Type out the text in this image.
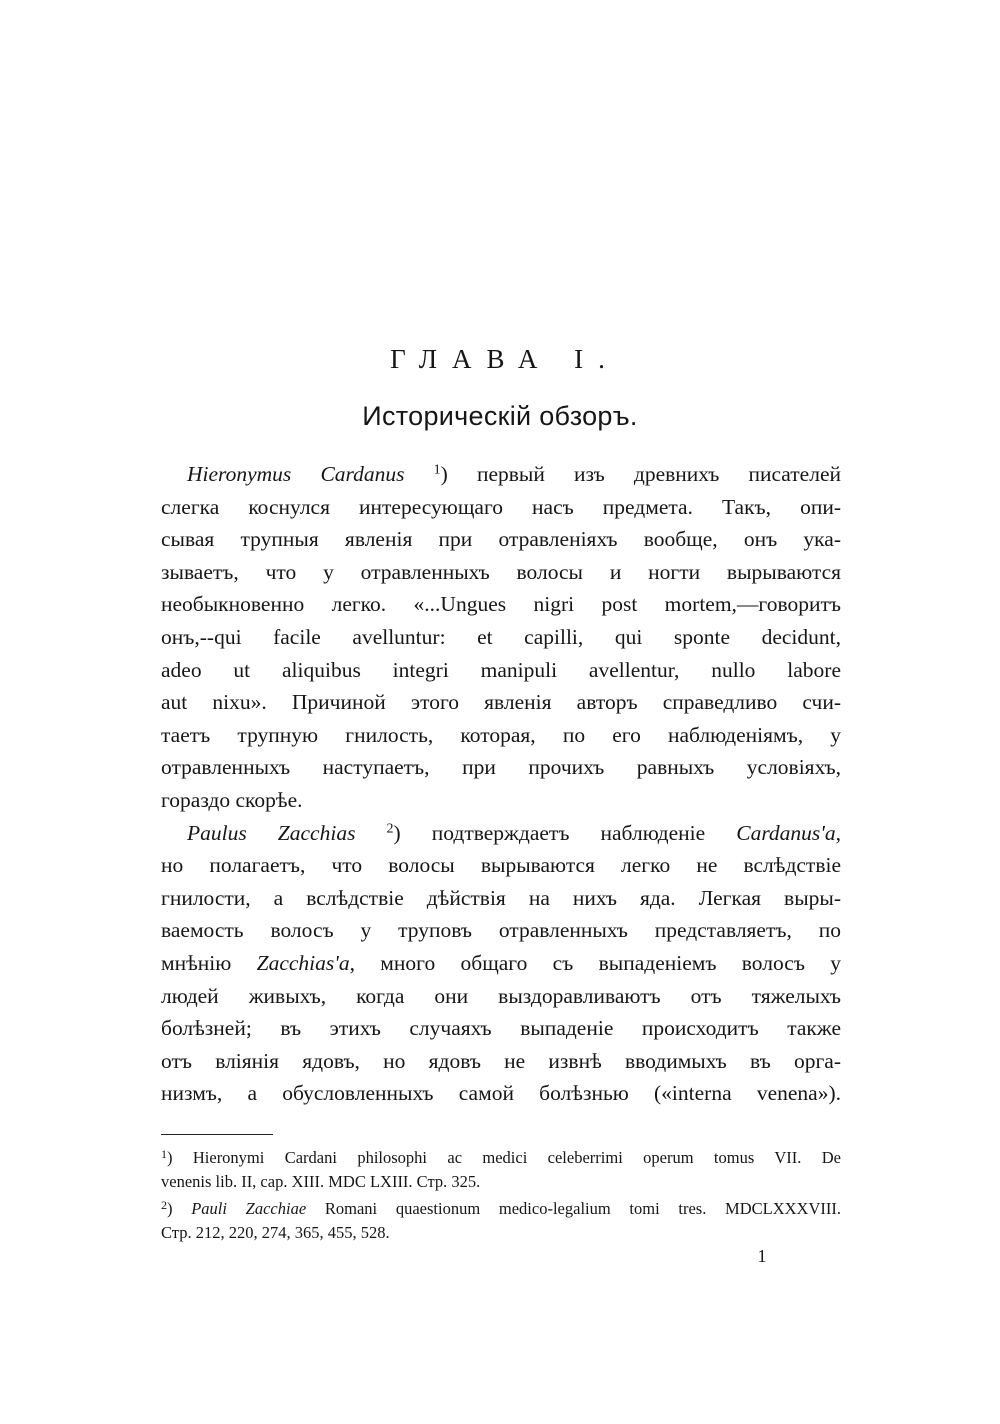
ГЛАВА I.
Историческій обзоръ.
Hieronymus Cardanus $^1$) первый изъ древнихъ писателей
слегка коснулся интересующаго насъ предмета. Такъ, опи-
сывая трупныя явленія при отравленіяхъ вообще, онъ ука-
зываетъ, что у отравленныхъ волосы и ногти вырываются
необыкновенно легко. «...Ungues nigri post mortem,—говоритъ
онъ,--qui facile avelluntur: et capilli, qui sponte decidunt,
adeo ut aliquibus integri manipuli avellentur, nullo labore
aut nixu». Причиной этого явленія авторъ справедливо счи-
таетъ трупную гнилость, которая, по его наблюденіямъ, у
отравленныхъ наступаетъ, при прочихъ равныхъ условіяхъ,
гораздо скорѣе.
Paulus Zacchias $^2$) подтверждаетъ наблюденіе Cardanus'a,
но полагаетъ, что волосы вырываются легко не вслѣдствіе
гнилости, а вслѣдствіе дѣйствія на нихъ яда. Легкая выры-
ваемость волосъ у труповъ отравленныхъ представляетъ, по
мнѣнію Zacchias'a, много общаго съ выпаденіемъ волосъ у
людей живыхъ, когда они выздоравливаютъ отъ тяжелыхъ
болѣзней; въ этихъ случаяхъ выпаденіе происходитъ также
отъ вліянія ядовъ, но ядовъ не извнѣ вводимыхъ въ орга-
низмъ, а обусловленныхъ самой болѣзнью («interna venena»).
$^1$) Hieronymi Cardani philosophi ac medici celeberrimi operum tomus VII. De
venenis lib. II, cap. XIII. MDC LXIII. Стр. 325.
$^2$) Pauli Zacchiae Romani quaestionum medico-legalium tomi tres. MDCLXXXVIII.
Стр. 212, 220, 274, 365, 455, 528.
1
